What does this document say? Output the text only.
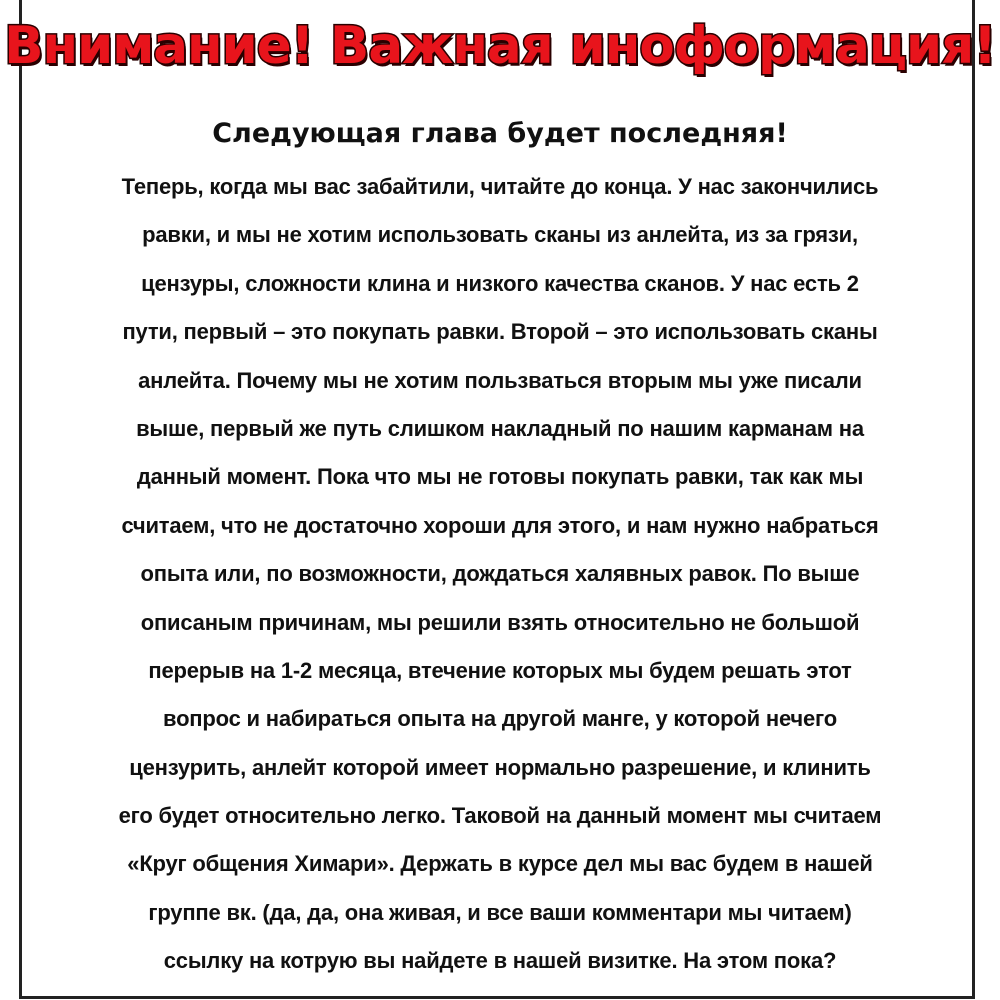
Внимание! Важная иноформация!
Следующая глава будет последняя!
Теперь, когда мы вас забайтили, читайте до конца. У нас закончились
равки, и мы не хотим использовать сканы из анлейта, из за грязи,
цензуры, сложности клина и низкого качества сканов. У нас есть 2
пути, первый – это покупать равки. Второй – это использовать сканы
анлейта. Почему мы не хотим пользваться вторым мы уже писали
выше, первый же путь слишком накладный по нашим карманам на
данный момент. Пока что мы не готовы покупать равки, так как мы
считаем, что не достаточно хороши для этого, и нам нужно набраться
опыта или, по возможности, дождаться халявных равок. По выше
описаным причинам, мы решили взять относительно не большой
перерыв на 1-2 месяца, втечение которых мы будем решать этот
вопрос и набираться опыта на другой манге, у которой нечего
цензурить, анлейт которой имеет нормально разрешение, и клинить
его будет относительно легко. Таковой на данный момент мы считаем
«Круг общения Химари». Держать в курсе дел мы вас будем в нашей
группе вк. (да, да, она живая, и все ваши комментари мы читаем)
ссылку на котрую вы найдете в нашей визитке. На этом пока?
